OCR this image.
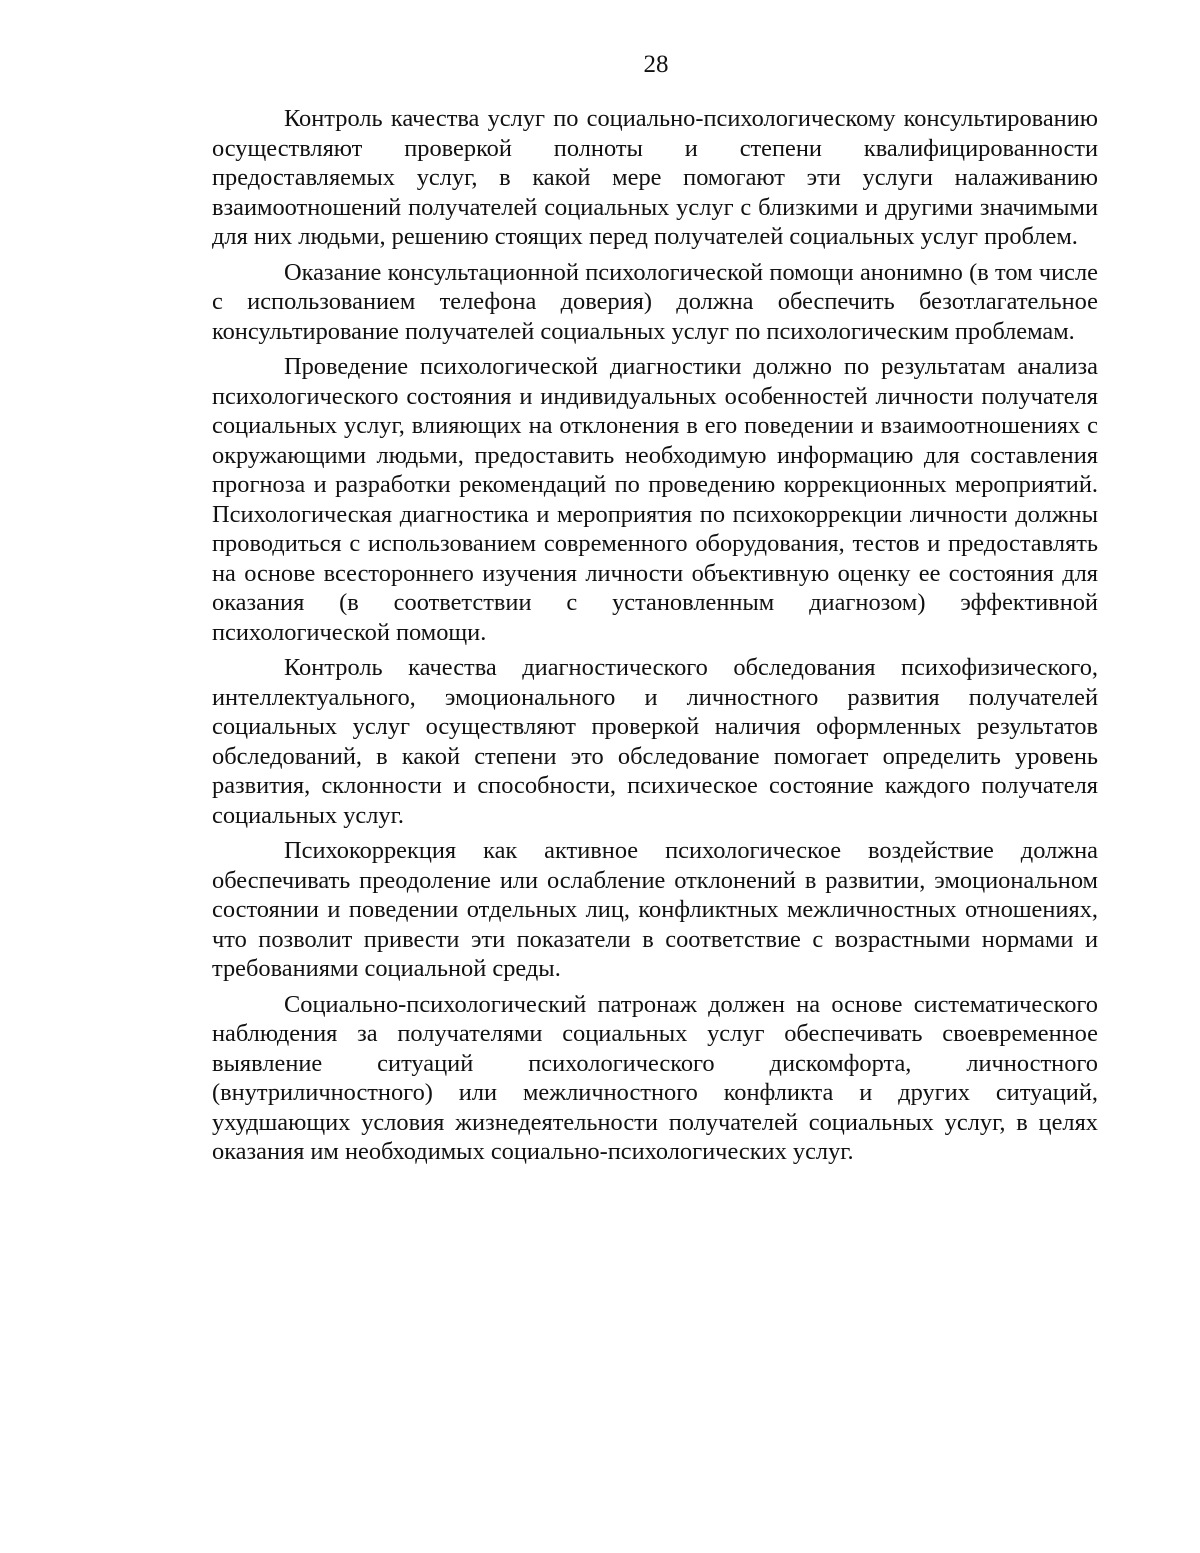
28

Контроль качества услуг по социально-психологическому консультированию осуществляют проверкой полноты и степени квалифицированности предоставляемых услуг, в какой мере помогают эти услуги налаживанию взаимоотношений получателей социальных услуг с близкими и другими значимыми для них людьми, решению стоящих перед получателей социальных услуг проблем.

Оказание консультационной психологической помощи анонимно (в том числе с использованием телефона доверия) должна обеспечить безотлагательное консультирование получателей социальных услуг по психологическим проблемам.

Проведение психологической диагностики должно по результатам анализа психологического состояния и индивидуальных особенностей личности получателя социальных услуг, влияющих на отклонения в его поведении и взаимоотношениях с окружающими людьми, предоставить необходимую информацию для составления прогноза и разработки рекомендаций по проведению коррекционных мероприятий. Психологическая диагностика и мероприятия по психокоррекции личности должны проводиться с использованием современного оборудования, тестов и предоставлять на основе всестороннего изучения личности объективную оценку ее состояния для оказания (в соответствии с установленным диагнозом) эффективной психологической помощи.

Контроль качества диагностического обследования психофизического, интеллектуального, эмоционального и личностного развития получателей социальных услуг осуществляют проверкой наличия оформленных результатов обследований, в какой степени это обследование помогает определить уровень развития, склонности и способности, психическое состояние каждого получателя социальных услуг.

Психокоррекция как активное психологическое воздействие должна обеспечивать преодоление или ослабление отклонений в развитии, эмоциональном состоянии и поведении отдельных лиц, конфликтных межличностных отношениях, что позволит привести эти показатели в соответствие с возрастными нормами и требованиями социальной среды.

Социально-психологический патронаж должен на основе систематического наблюдения за получателями социальных услуг обеспечивать своевременное выявление ситуаций психологического дискомфорта, личностного (внутриличностного) или межличностного конфликта и других ситуаций, ухудшающих условия жизнедеятельности получателей социальных услуг, в целях оказания им необходимых социально-психологических услуг.
